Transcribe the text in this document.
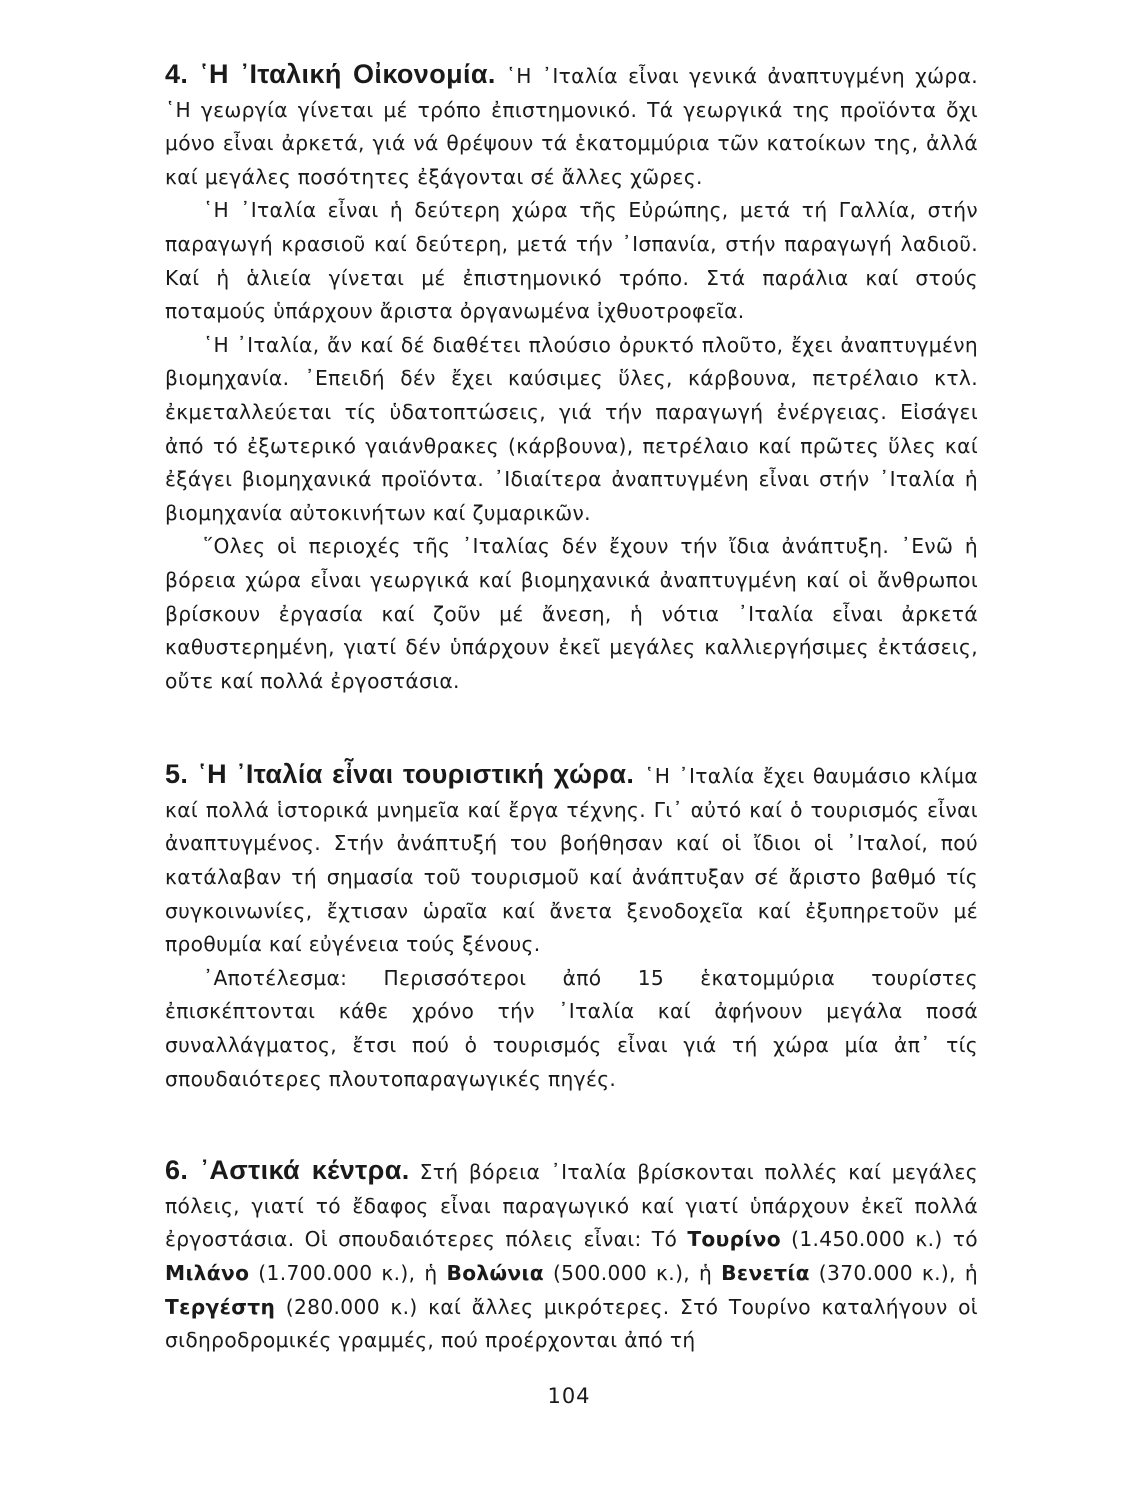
4. ῾Η ᾿Ιταλική Οἰκονομία. ῾Η ᾿Ιταλία εἶναι γενικά ἀναπτυγμένη χώρα. ῾Η γεωργία γίνεται μέ τρόπο ἐπιστημονικό. Τά γεωργικά της προϊόντα ὄχι μόνο εἶναι ἀρκετά, γιά νά θρέψουν τά ἑκατομμύρια τῶν κατοίκων της, ἀλλά καί μεγάλες ποσότητες ἐξάγονται σέ ἄλλες χῶρες.

῾Η ᾿Ιταλία εἶναι ἡ δεύτερη χώρα τῆς Εὐρώπης, μετά τή Γαλλία, στήν παραγωγή κρασιοῦ καί δεύτερη, μετά τήν ᾿Ισπανία, στήν παραγωγή λαδιοῦ. Καί ἡ ἁλιεία γίνεται μέ ἐπιστημονικό τρόπο. Στά παράλια καί στούς ποταμούς ὑπάρχουν ἄριστα ὀργανωμένα ἰχθυοτροφεῖα.

῾Η ᾿Ιταλία, ἄν καί δέ διαθέτει πλούσιο ὀρυκτό πλοῦτο, ἔχει ἀναπτυγμένη βιομηχανία. ᾿Επειδή δέν ἔχει καύσιμες ὕλες, κάρβουνα, πετρέλαιο κτλ. ἐκμεταλλεύεται τίς ὑδατοπτώσεις, γιά τήν παραγωγή ἐνέργειας. Εἰσάγει ἀπό τό ἐξωτερικό γαιάνθρακες (κάρβουνα), πετρέλαιο καί πρῶτες ὕλες καί ἐξάγει βιομηχανικά προϊόντα. ᾿Ιδιαίτερα ἀναπτυγμένη εἶναι στήν ᾿Ιταλία ἡ βιομηχανία αὐτοκινήτων καί ζυμαρικῶν.

῞Ολες οἱ περιοχές τῆς ᾿Ιταλίας δέν ἔχουν τήν ἴδια ἀνάπτυξη. ᾿Ενῶ ἡ βόρεια χώρα εἶναι γεωργικά καί βιομηχανικά ἀναπτυγμένη καί οἱ ἄνθρωποι βρίσκουν ἐργασία καί ζοῦν μέ ἄνεση, ἡ νότια ᾿Ιταλία εἶναι ἀρκετά καθυστερημένη, γιατί δέν ὑπάρχουν ἐκεῖ μεγάλες καλλιεργήσιμες ἐκτάσεις, οὔτε καί πολλά ἐργοστάσια.

5. ῾Η ᾿Ιταλία εἶναι τουριστική χώρα. ῾Η ᾿Ιταλία ἔχει θαυμάσιο κλίμα καί πολλά ἱστορικά μνημεῖα καί ἔργα τέχνης. Γι᾿ αὐτό καί ὁ τουρισμός εἶναι ἀναπτυγμένος. Στήν ἀνάπτυξή του βοήθησαν καί οἱ ἴδιοι οἱ ᾿Ιταλοί, πού κατάλαβαν τή σημασία τοῦ τουρισμοῦ καί ἀνάπτυξαν σέ ἄριστο βαθμό τίς συγκοινωνίες, ἔχτισαν ὡραῖα καί ἄνετα ξενοδοχεῖα καί ἐξυπηρετοῦν μέ προθυμία καί εὐγένεια τούς ξένους.

᾿Αποτέλεσμα: Περισσότεροι ἀπό 15 ἑκατομμύρια τουρίστες ἐπισκέπτονται κάθε χρόνο τήν ᾿Ιταλία καί ἀφήνουν μεγάλα ποσά συναλλάγματος, ἔτσι πού ὁ τουρισμός εἶναι γιά τή χώρα μία ἀπ᾿ τίς σπουδαιότερες πλουτοπαραγωγικές πηγές.

6. ᾿Αστικά κέντρα. Στή βόρεια ᾿Ιταλία βρίσκονται πολλές καί μεγάλες πόλεις, γιατί τό ἔδαφος εἶναι παραγωγικό καί γιατί ὑπάρχουν ἐκεῖ πολλά ἐργοστάσια. Οἱ σπουδαιότερες πόλεις εἶναι: Τό Τουρίνο (1.450.000 κ.) τό Μιλάνο (1.700.000 κ.), ἡ Βολώνια (500.000 κ.), ἡ Βενετία (370.000 κ.), ἡ Τεργέστη (280.000 κ.) καί ἄλλες μικρότερες. Στό Τουρίνο καταλήγουν οἱ σιδηροδρομικές γραμμές, πού προέρχονται ἀπό τή

104
